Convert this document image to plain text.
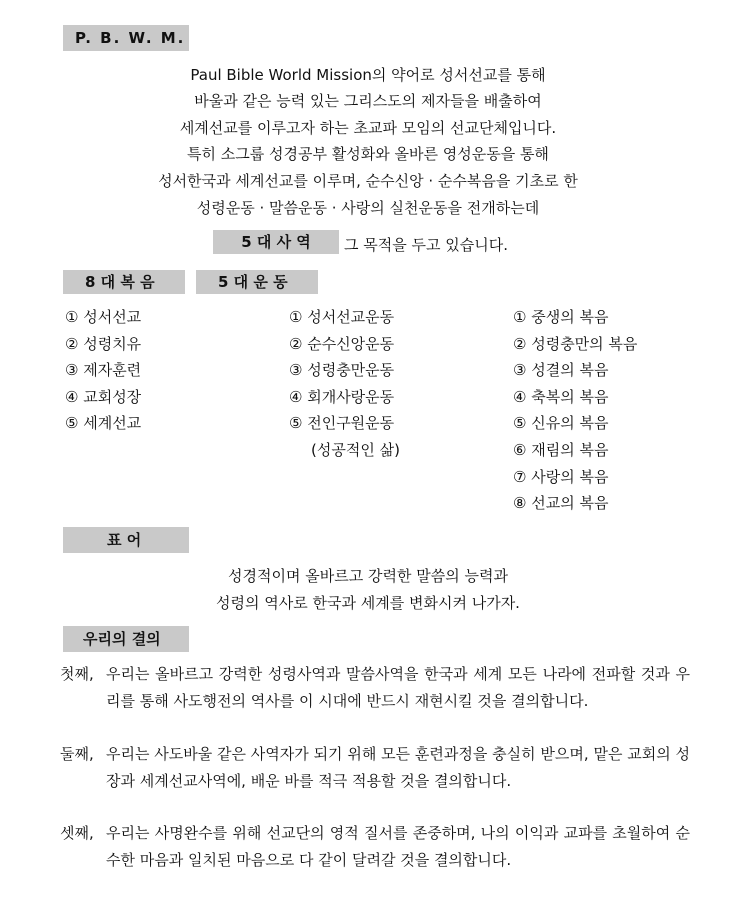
P. B. W. M.
Paul Bible World Mission의 약어로 성서선교를 통해
바울과 같은 능력 있는 그리스도의 제자들을 배출하여
세계선교를 이루고자 하는 초교파 모임의 선교단체입니다.
특히 소그룹 성경공부 활성화와 올바른 영성운동을 통해
성서한국과 세계선교를 이루며, 순수신앙 · 순수복음을 기초로 한
성령운동 · 말씀운동 · 사랑의 실천운동을 전개하는데
5 대 사 역	그 목적을 두고 있습니다.
8 대 복 음	5 대 운 동
① 성서선교
② 성령치유
③ 제자훈련
④ 교회성장
⑤ 세계선교
① 성서선교운동
② 순수신앙운동
③ 성령충만운동
④ 회개사랑운동
⑤ 전인구원운동
(성공적인 삶)
① 중생의 복음
② 성령충만의 복음
③ 성결의 복음
④ 축복의 복음
⑤ 신유의 복음
⑥ 재림의 복음
⑦ 사랑의 복음
⑧ 선교의 복음
표 어
성경적이며 올바르고 강력한 말씀의 능력과
성령의 역사로 한국과 세계를 변화시켜 나가자.
우리의 결의
첫째, 우리는 올바르고 강력한 성령사역과 말씀사역을 한국과 세계 모든 나라에 전파할 것과 우리를 통해 사도행전의 역사를 이 시대에 반드시 재현시킬 것을 결의합니다.
둘째, 우리는 사도바울 같은 사역자가 되기 위해 모든 훈련과정을 충실히 받으며, 맡은 교회의 성장과 세계선교사역에, 배운 바를 적극 적용할 것을 결의합니다.
셋째, 우리는 사명완수를 위해 선교단의 영적 질서를 존중하며, 나의 이익과 교파를 초월하여 순수한 마음과 일치된 마음으로 다 같이 달려갈 것을 결의합니다.
